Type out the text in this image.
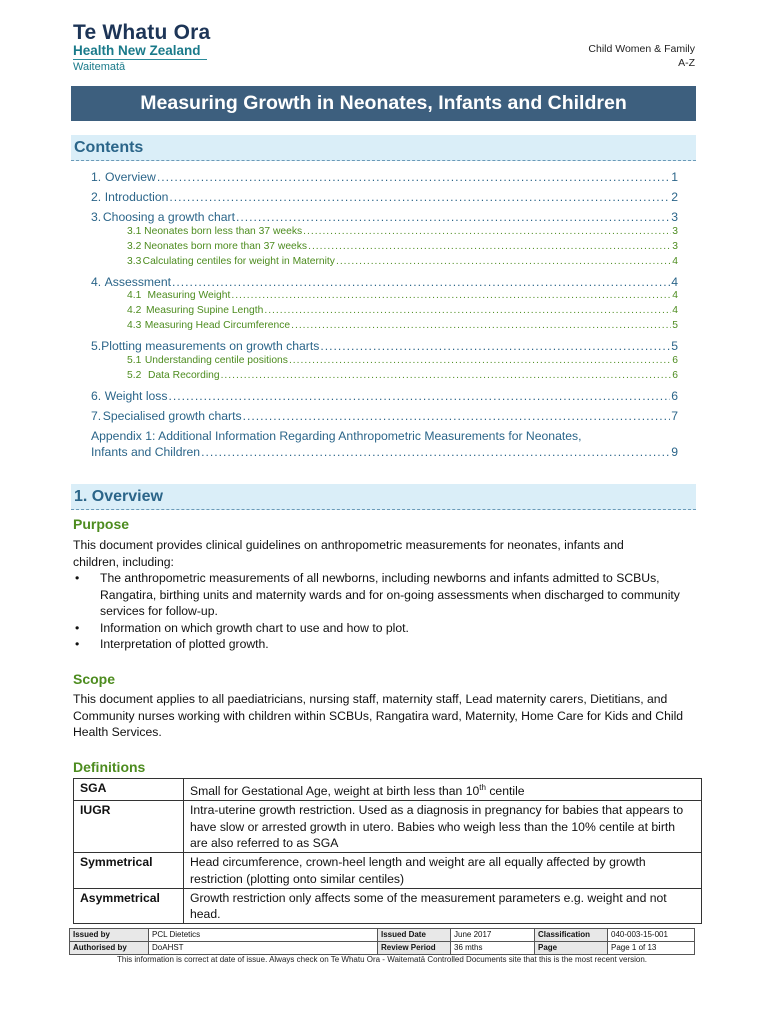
Te Whatu Ora
Health New Zealand
Waitematā
Child Women & Family
A-Z
Measuring Growth in Neonates, Infants and Children
Contents
1. Overview .....	1
2. Introduction .....	2
3. Choosing a growth chart .....	3
3.1 Neonates born less than 37 weeks .....	3
3.2 Neonates born more than 37 weeks .....	3
3.3 Calculating centiles for weight in Maternity .....	4
4. Assessment .....	4
4.1 Measuring Weight .....	4
4.2 Measuring Supine Length .....	4
4.3 Measuring Head Circumference .....	5
5. Plotting measurements on growth charts .....	5
5.1 Understanding centile positions .....	6
5.2 Data Recording .....	6
6. Weight loss .....	6
7. Specialised growth charts .....	7
Appendix 1: Additional Information Regarding Anthropometric Measurements for Neonates,
Infants and Children .....	9
1. Overview
Purpose
This document provides clinical guidelines on anthropometric measurements for neonates, infants and children, including:
• The anthropometric measurements of all newborns, including newborns and infants admitted to SCBUs, Rangatira, birthing units and maternity wards and for on-going assessments when discharged to community services for follow-up.
• Information on which growth chart to use and how to plot.
• Interpretation of plotted growth.
Scope
This document applies to all paediatricians, nursing staff, maternity staff, Lead maternity carers, Dietitians, and Community nurses working with children within SCBUs, Rangatira ward, Maternity, Home Care for Kids and Child Health Services.
Definitions
SGA	Small for Gestational Age, weight at birth less than 10th centile
IUGR	Intra-uterine growth restriction. Used as a diagnosis in pregnancy for babies that appears to have slow or arrested growth in utero. Babies who weigh less than the 10% centile at birth are also referred to as SGA
Symmetrical	Head circumference, crown-heel length and weight are all equally affected by growth restriction (plotting onto similar centiles)
Asymmetrical	Growth restriction only affects some of the measurement parameters e.g. weight and not head.
Issued by	PCL Dietetics	Issued Date	June 2017	Classification	040-003-15-001
Authorised by	DoAHST	Review Period	36 mths	Page	Page 1 of 13
This information is correct at date of issue. Always check on Te Whatu Ora - Waitematā Controlled Documents site that this is the most recent version.
